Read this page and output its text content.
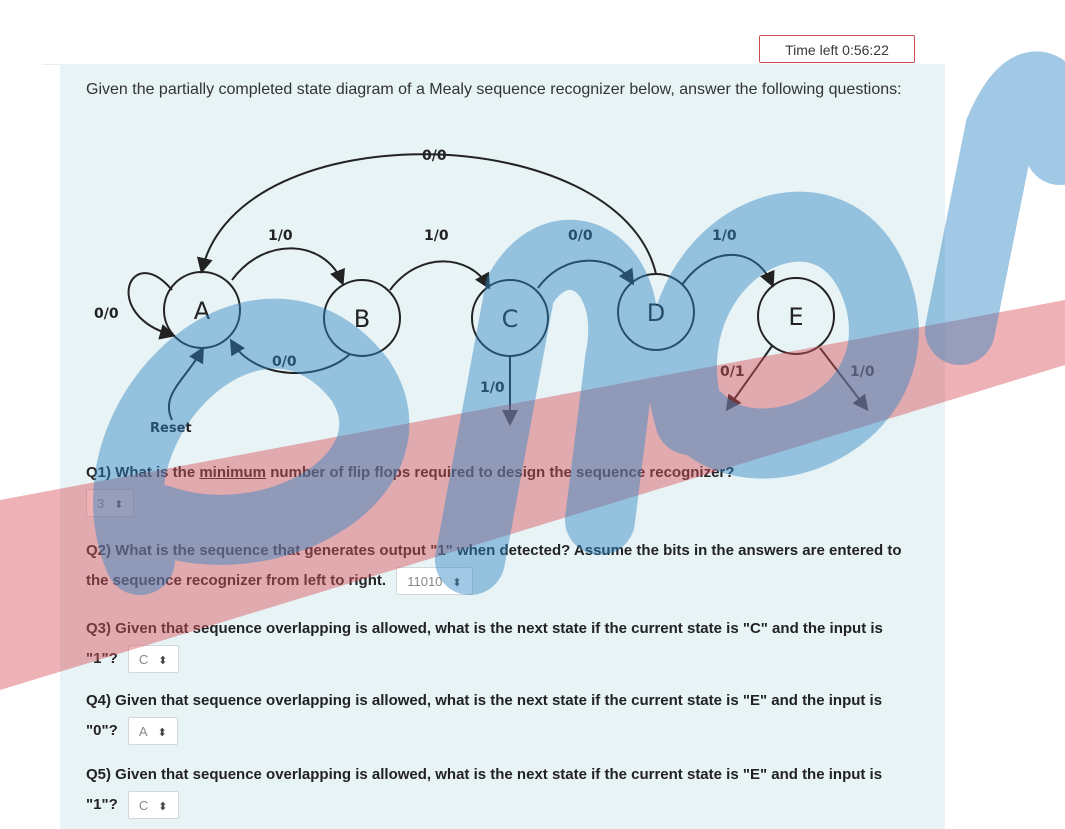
Time left 0:56:22
Given the partially completed state diagram of a Mealy sequence recognizer below, answer the following questions:
0/0
1/0	1/0	0/0	1/0
0/0
0/0
1/0
0/1	1/0
Reset
A	B	C	D	E
Q1) What is the minimum number of flip flops required to design the sequence recognizer?
3 ⬍
Q2) What is the sequence that generates output "1" when detected? Assume the bits in the answers are entered to the sequence recognizer from left to right. 11010 ⬍
Q3) Given that sequence overlapping is allowed, what is the next state if the current state is "C" and the input is "1"? C ⬍
Q4) Given that sequence overlapping is allowed, what is the next state if the current state is "E" and the input is "0"? A ⬍
Q5) Given that sequence overlapping is allowed, what is the next state if the current state is "E" and the input is "1"? C ⬍
